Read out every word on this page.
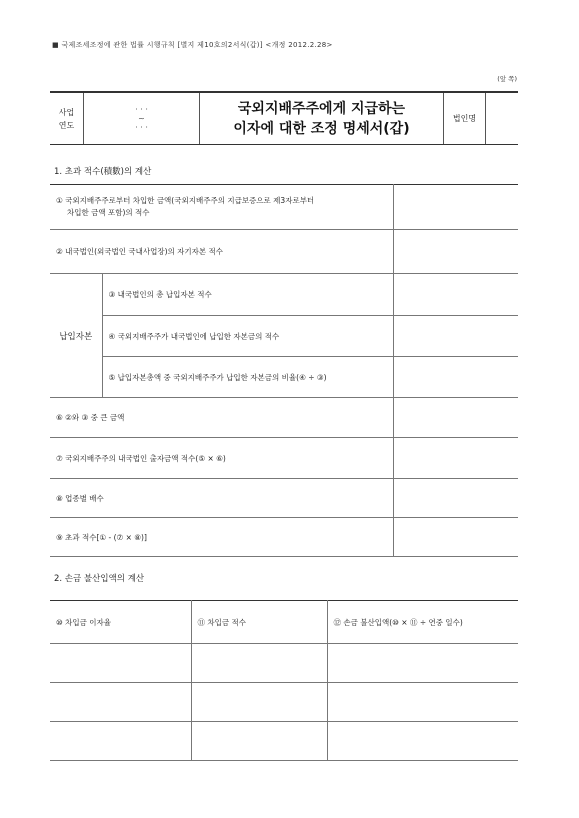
■ 국제조세조정에 관한 법률 시행규칙 [별지 제10호의2서식(갑)] <개정 2012.2.28>
(앞 쪽)
사업
연도
· · ·
~
· · ·
국외지배주주에게 지급하는
이자에 대한 조정 명세서(갑)
법인명
1. 초과 적수(積數)의 계산
① 국외지배주주로부터 차입한 금액(국외지배주주의 지급보증으로 제3자로부터
차입한 금액 포함)의 적수		

② 내국법인(외국법인 국내사업장)의 자기자본 적수		
납입자본	③ 내국법인의 총 납입자본 적수	
	④ 국외지배주주가 내국법인에 납입한 자본금의 적수	
	⑤ 납입자본총액 중 국외지배주주가 납입한 자본금의 비율(④ ÷ ③)	
⑥ ②와 ③ 중 큰 금액		
⑦ 국외지배주주의 내국법인 출자금액 적수(⑤ × ⑥)		
⑧ 업종별 배수		
⑨ 초과 적수[① - (⑦ × ⑧)]		
2. 손금 불산입액의 계산
⑩ 차입금 이자율	⑪ 차입금 적수	⑫ 손금 불산입액(⑩ × ⑪ ÷ 연중 일수)
